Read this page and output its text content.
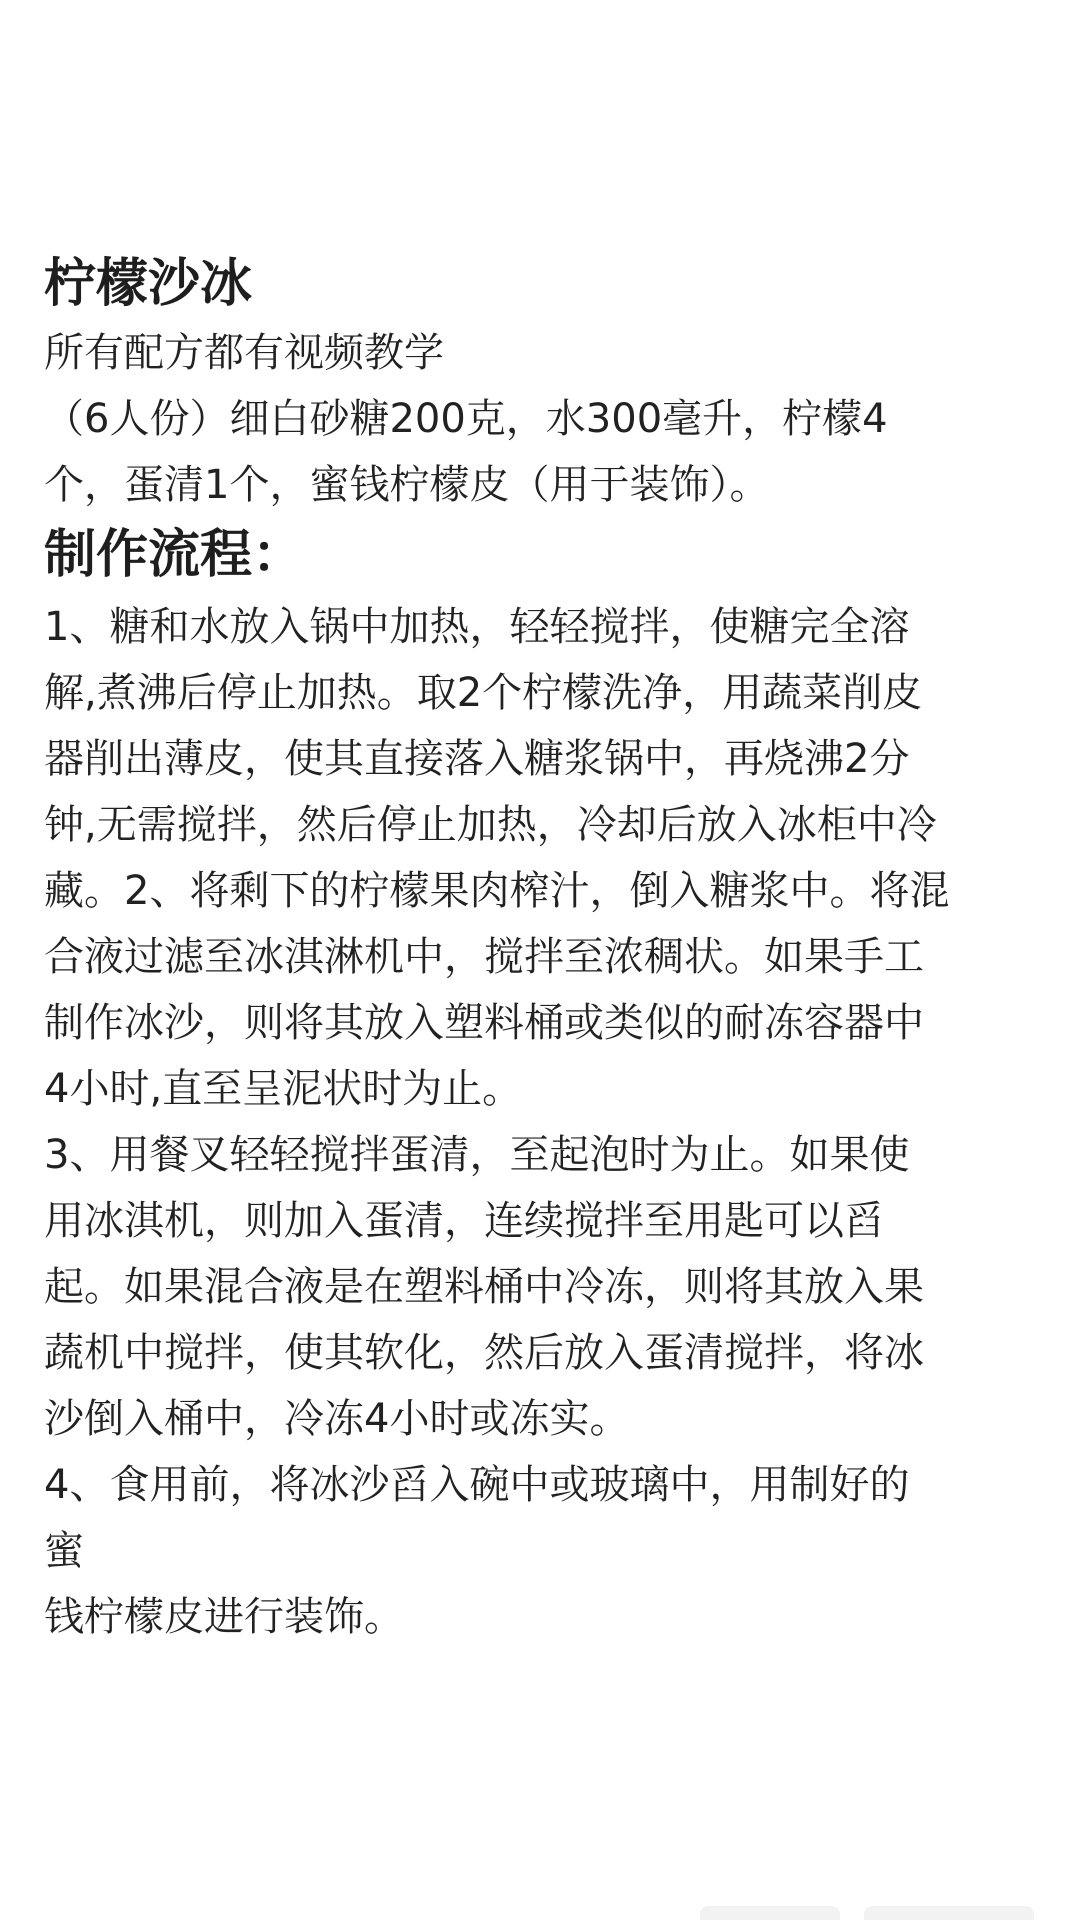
柠檬沙冰

所有配方都有视频教学

（6人份）细白砂糖200克，水300毫升，柠檬4

个，蛋清1个，蜜钱柠檬皮（用于装饰）。

制作流程：

1、糖和水放入锅中加热，轻轻搅拌，使糖完全溶

解,煮沸后停止加热。取2个柠檬洗净，用蔬菜削皮

器削出薄皮，使其直接落入糖浆锅中，再烧沸2分

钟,无需搅拌，然后停止加热，冷却后放入冰柜中冷

藏。2、将剩下的柠檬果肉榨汁，倒入糖浆中。将混

合液过滤至冰淇淋机中，搅拌至浓稠状。如果手工

制作冰沙，则将其放入塑料桶或类似的耐冻容器中

4小时,直至呈泥状时为止。

3、用餐叉轻轻搅拌蛋清，至起泡时为止。如果使

用冰淇机，则加入蛋清，连续搅拌至用匙可以舀

起。如果混合液是在塑料桶中冷冻，则将其放入果

蔬机中搅拌，使其软化，然后放入蛋清搅拌，将冰

沙倒入桶中，冷冻4小时或冻实。

4、食用前，将冰沙舀入碗中或玻璃中，用制好的

蜜

钱柠檬皮进行装饰。
